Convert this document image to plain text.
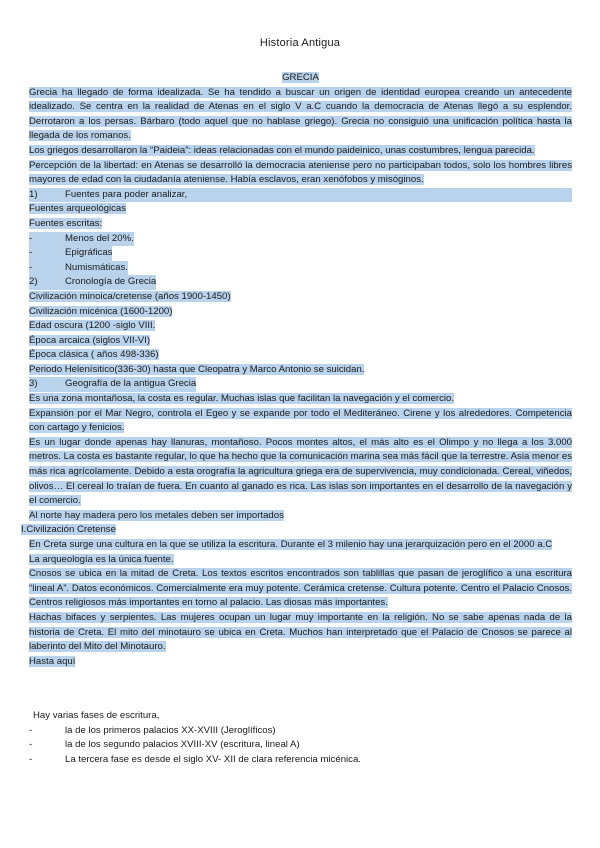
Historia Antigua
GRECIA

Grecia ha llegado de forma idealizada. Se ha tendido a buscar un origen de identidad europea creando un antecedente idealizado. Se centra en la realidad de Atenas en el siglo V a.C cuando la democracia de Atenas llegó a su esplendor. Derrotaron a los persas. Bárbaro (todo aquel que no hablase griego). Grecia no consiguió una unificación política hasta la llegada de los romanos.

Los griegos desarrollaron la “Paideia”: ideas relacionadas con el mundo paideinico, unas costumbres, lengua parecida.

Percepción de la libertad: en Atenas se desarrolló la democracia ateniense pero no participaban todos, solo los hombres libres mayores de edad con la ciudadanía ateniense. Había esclavos, eran xenófobos y misóginos.

1)	Fuentes para poder analizar,
Fuentes arqueológicas
Fuentes escritas:
-	Menos del 20%.
-	Epigráficas
-	Numismáticas.
2)	Cronología de Grecia
Civilización minoica/cretense (años 1900-1450)
Civilización micénica (1600-1200)
Edad oscura (1200 -siglo VIII.
Época arcaica (siglos VII-VI)
Época clásica ( años 498-336)
Periodo Helenísitico(336-30) hasta que Cleopatra y Marco Antonio se suicidan.
3)	Geografía de la antigua Grecia

Es una zona montañosa, la costa es regular. Muchas islas que facilitan la navegación y el comercio.

Expansión por el Mar Negro, controla el Egeo y se expande por todo el Mediteráneo. Cirene y los alrededores. Competencia con cartago y fenicios.

Es un lugar donde apenas hay llanuras, montañoso. Pocos montes altos, el más alto es el Olimpo y no llega a los 3.000 metros. La costa es bastante regular, lo que ha hecho que la comunicación marina sea más fácil que la terrestre. Asia menor es más rica agrícolamente. Debido a esta orografía la agricultura griega era de supervivencia, muy condicionada. Cereal, viñedos, olivos… El cereal lo traían de fuera. En cuanto al ganado es rica. Las islas son importantes en el desarrollo de la navegación y el comercio.

Al norte hay madera pero los metales deben ser importados

I.Civilización Cretense

En Creta surge una cultura en la que se utiliza la escritura. Durante el 3 milenio hay una jerarquización pero en el 2000 a.C

La arqueología es la única fuente.

Cnosos se ubica en la mitad de Creta. Los textos escritos encontrados son tablillas que pasan de jeroglífico a una escritura “lineal A”. Datos económicos. Comercialmente era muy potente. Cerámica cretense. Cultura potente. Centro el Palacio Cnosos. Centros religiosos más importantes en torno al palacio. Las diosas más importantes.

Hachas bifaces y serpientes. Las mujeres ocupan un lugar muy importante en la religión. No se sabe apenas nada de la historia de Creta. El mito del minotauro se ubica en Creta. Muchos han interpretado que el Palacio de Cnosos se parece al laberinto del Mito del Minotauro.

Hasta aquí

Hay varias fases de escritura,
-	la de los primeros palacios XX-XVIII (Jeroglíficos)
-	la de los segundo palacios XVIII-XV (escritura, lineal A)
-	La tercera fase es desde el siglo XV- XII de clara referencia micénica.
